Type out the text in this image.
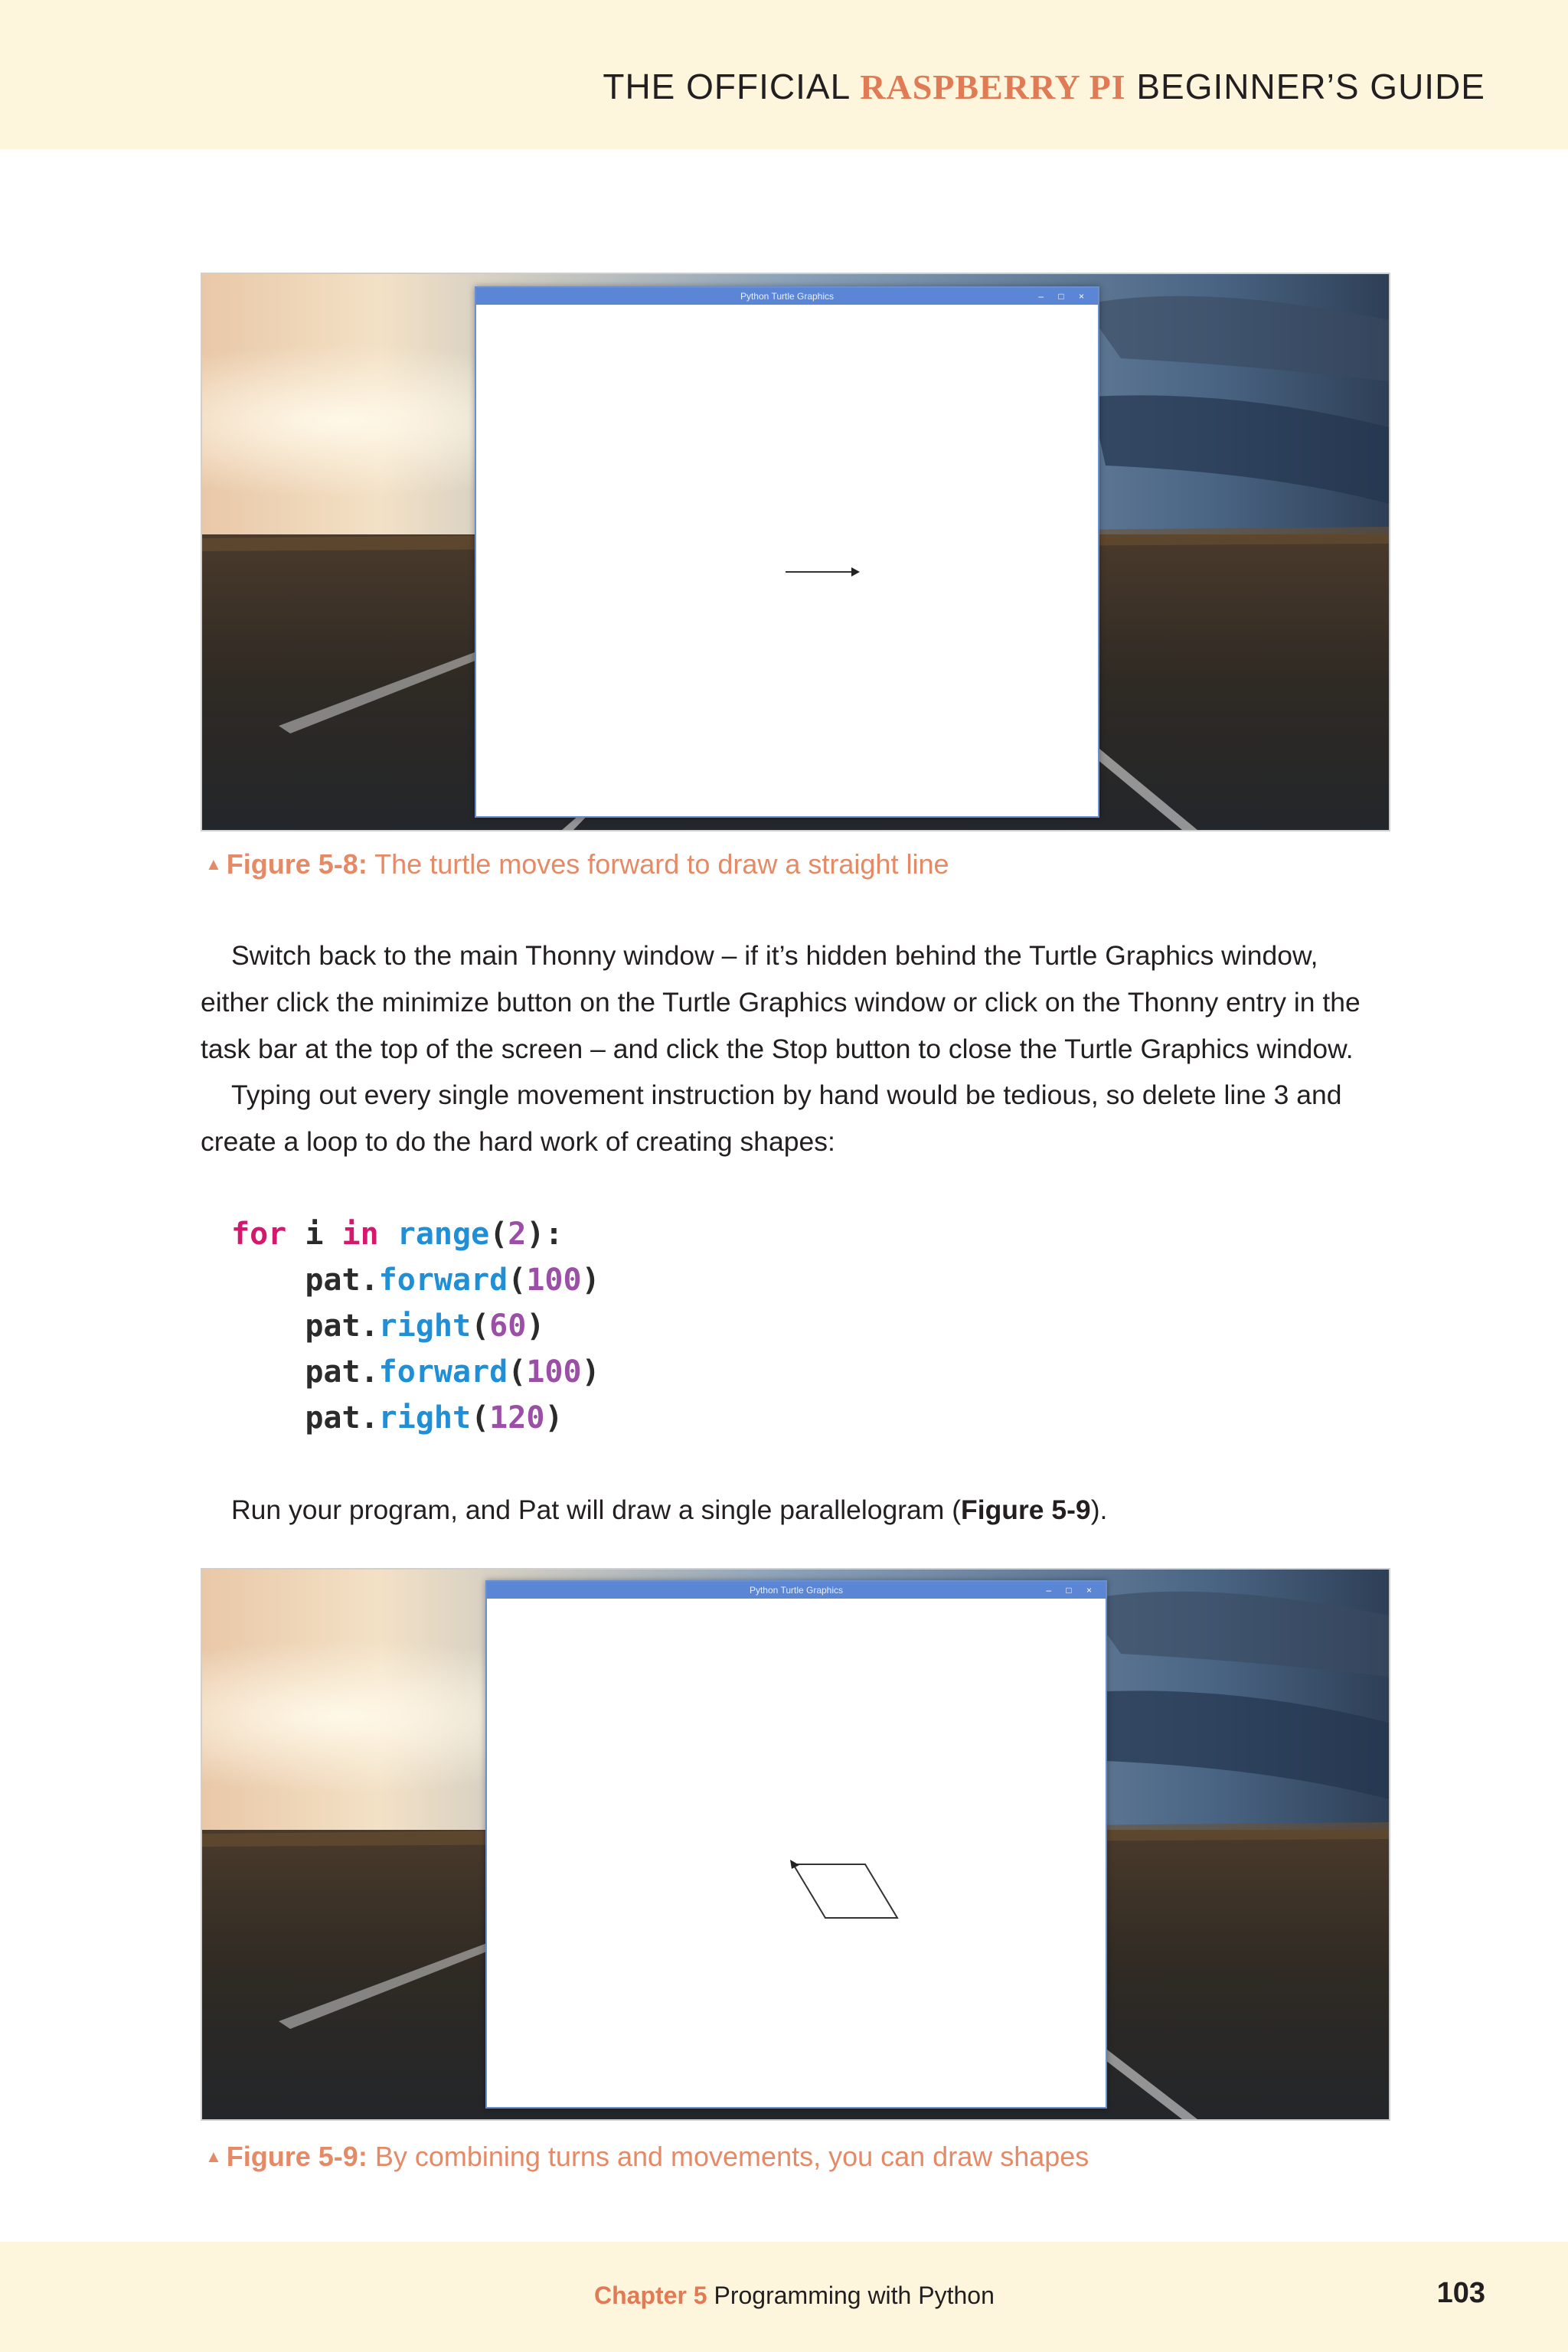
THE OFFICIAL RASPBERRY PI BEGINNER’S GUIDE
Python Turtle Graphics	– □ ×
▲ Figure 5-8: The turtle moves forward to draw a straight line

Switch back to the main Thonny window – if it’s hidden behind the Turtle Graphics window, either click the minimize button on the Turtle Graphics window or click on the Thonny entry in the task bar at the top of the screen – and click the Stop button to close the Turtle Graphics window.

Typing out every single movement instruction by hand would be tedious, so delete line 3 and create a loop to do the hard work of creating shapes:

for i in range(2):
pat.forward(100)
pat.right(60)
pat.forward(100)
pat.right(120)

Run your program, and Pat will draw a single parallelogram (Figure 5-9).

Python Turtle Graphics	– □ ×
▲ Figure 5-9: By combining turns and movements, you can draw shapes
Chapter 5 Programming with Python	103
